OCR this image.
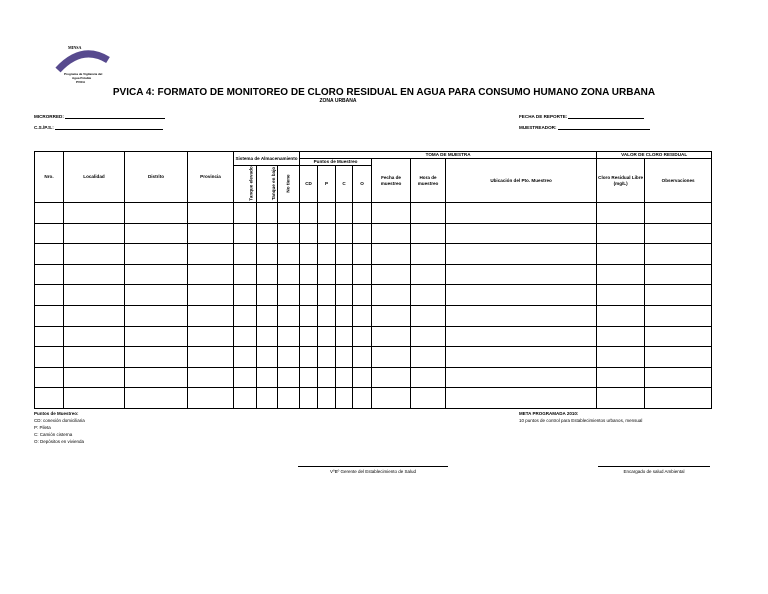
Dirección Ejecutiva de Salud Ambiental
MINSA
Programa de Vigilancia del
Agua Potable
PVICA
PVICA 4: FORMATO DE MONITOREO DE CLORO RESIDUAL EN AGUA PARA CONSUMO HUMANO ZONA URBANA
ZONA URBANA
MICRORRED:
C.S./P.S.:
FECHA DE REPORTE:
MUESTREADOR:
Nro.	Localidad	Distrito	Provincia	Sistema de Almacenamiento			TOMA DE MUESTRA							VALOR DE CLORO RESIDUAL	
							Puntos de Muestreo				Fecha de muestreo	Hora de muestreo	Ubicación del Pto. Muestreo	Cloro Residual Libre (mg/L)	Observaciones
				Tanque elevado	Tanque en bajo	No tiene	CD	P	C	O					

Puntos de Muestreo:
CD: conexión domiciliaria
P: Pileta
C: Camión cisterna
O: Depósitos en vivienda
META PROGRAMADA 2010:
10 puntos de control para Establecimientos urbanos, mensual
VºBº Gerente del Establecimiento de Salud	Encargado de salud Ambiental
